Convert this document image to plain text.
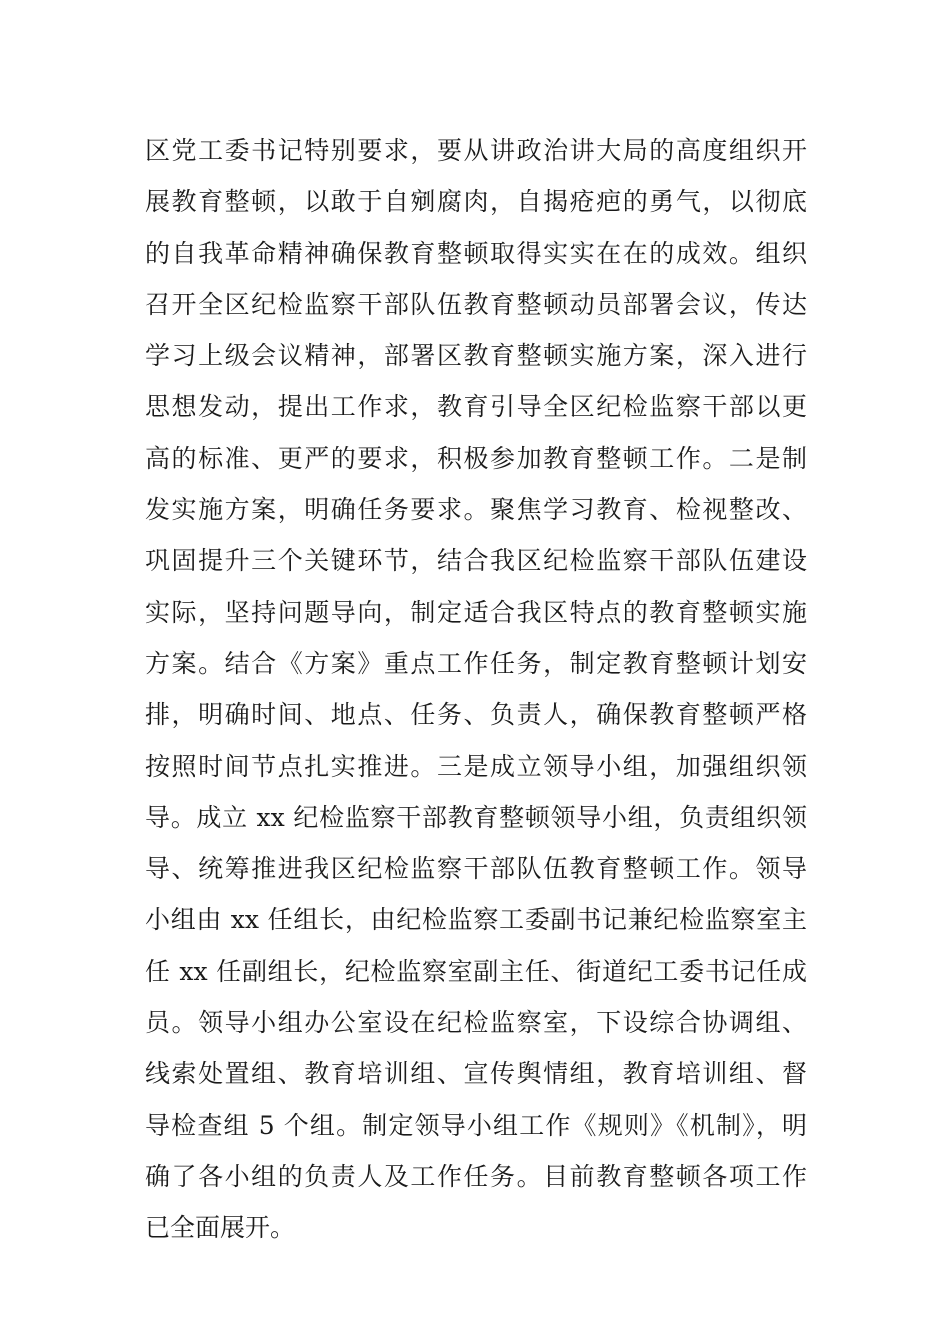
区党工委书记特别要求，要从讲政治讲大局的高度组织开
展教育整顿，以敢于自剜腐肉，自揭疮疤的勇气，以彻底
的自我革命精神确保教育整顿取得实实在在的成效。组织
召开全区纪检监察干部队伍教育整顿动员部署会议，传达
学习上级会议精神，部署区教育整顿实施方案，深入进行
思想发动，提出工作求，教育引导全区纪检监察干部以更
高的标准、更严的要求，积极参加教育整顿工作。二是制
发实施方案，明确任务要求。聚焦学习教育、检视整改、
巩固提升三个关键环节，结合我区纪检监察干部队伍建设
实际，坚持问题导向，制定适合我区特点的教育整顿实施
方案。结合《方案》重点工作任务，制定教育整顿计划安
排，明确时间、地点、任务、负责人，确保教育整顿严格
按照时间节点扎实推进。三是成立领导小组，加强组织领
导。成立 xx 纪检监察干部教育整顿领导小组，负责组织领
导、统筹推进我区纪检监察干部队伍教育整顿工作。领导
小组由 xx 任组长，由纪检监察工委副书记兼纪检监察室主
任 xx 任副组长，纪检监察室副主任、街道纪工委书记任成
员。领导小组办公室设在纪检监察室，下设综合协调组、
线索处置组、教育培训组、宣传舆情组，教育培训组、督
导检查组 5 个组。制定领导小组工作《规则》《机制》，明
确了各小组的负责人及工作任务。目前教育整顿各项工作
已全面展开。
